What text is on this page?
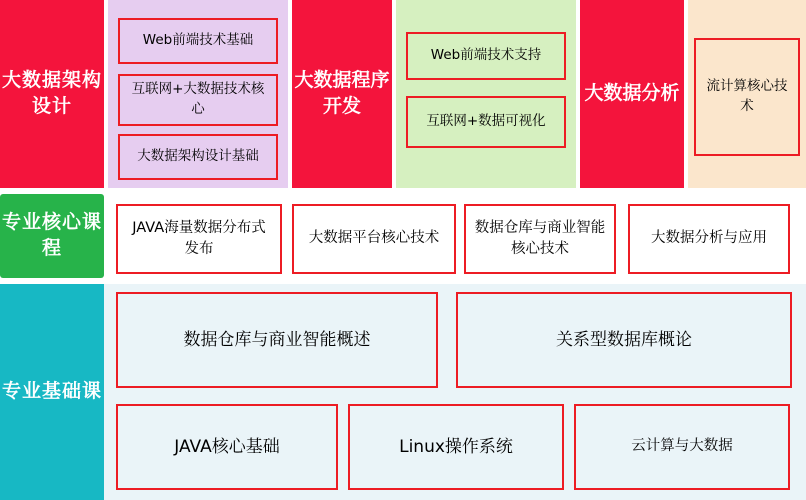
大数据架构设计
专业核心课程
专业基础课
大数据程序开发
大数据分析
Web前端技术基础
互联网+大数据技术核心
大数据架构设计基础
Web前端技术支持
互联网+数据可视化
流计算核心技术
JAVA海量数据分布式发布
大数据平台核心技术
数据仓库与商业智能核心技术
大数据分析与应用
数据仓库与商业智能概述	关系型数据库概论
JAVA核心基础	Linux操作系统	云计算与大数据
